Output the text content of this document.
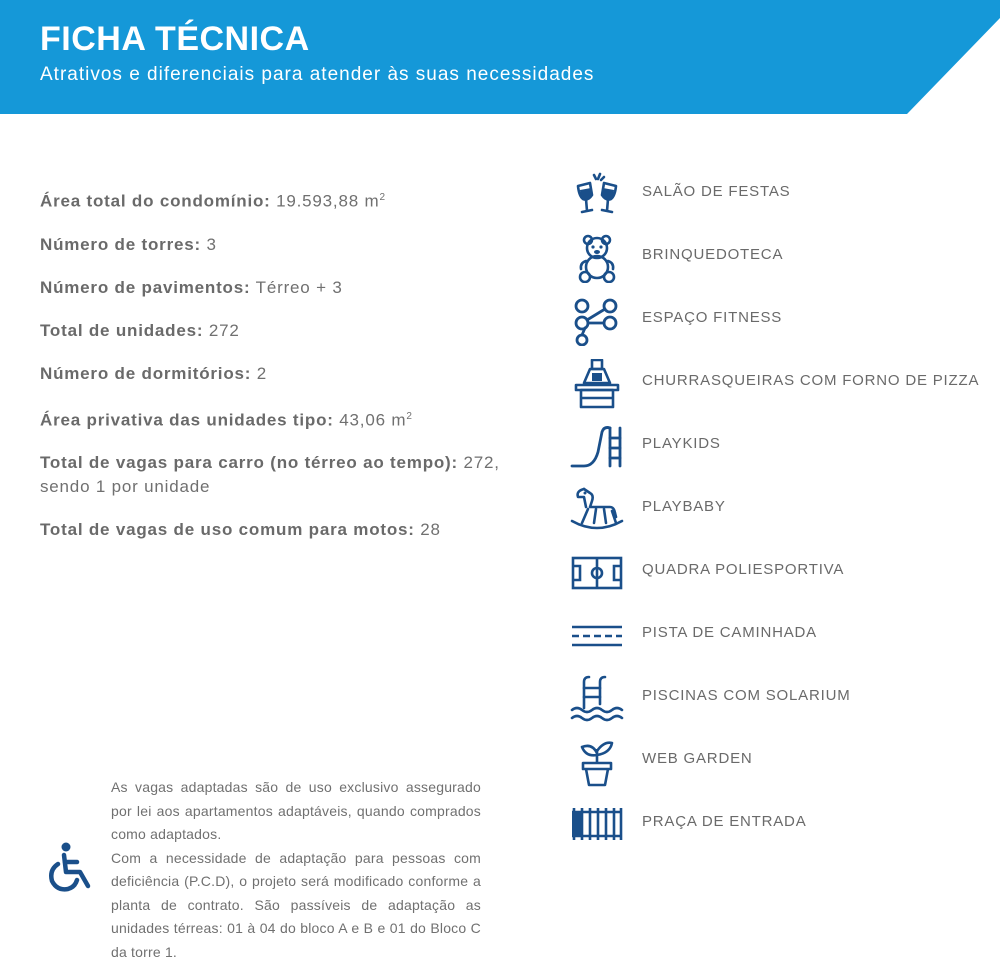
FICHA TÉCNICA
Atrativos e diferenciais para atender às suas necessidades

Área total do condomínio: 19.593,88 $m^2$

Número de torres: 3

Número de pavimentos: Térreo + 3

Total de unidades: 272

Número de dormitórios: 2

Área privativa das unidades tipo: 43,06 $m^2$

Total de vagas para carro (no térreo ao tempo): 272, sendo 1 por unidade

Total de vagas de uso comum para motos: 28

SALÃO DE FESTAS
BRINQUEDOTECA
ESPAÇO FITNESS
CHURRASQUEIRAS COM FORNO DE PIZZA
PLAYKIDS
PLAYBABY
QUADRA POLIESPORTIVA
PISTA DE CAMINHADA
PISCINAS COM SOLARIUM
WEB GARDEN
PRAÇA DE ENTRADA

As vagas adaptadas são de uso exclusivo assegurado por lei aos apartamentos adaptáveis, quando comprados como adaptados.

Com a necessidade de adaptação para pessoas com deficiência (P.C.D), o projeto será modificado conforme a planta de contrato. São passíveis de adaptação as unidades térreas: 01 à 04 do bloco A e B e 01 do Bloco C da torre 1.
